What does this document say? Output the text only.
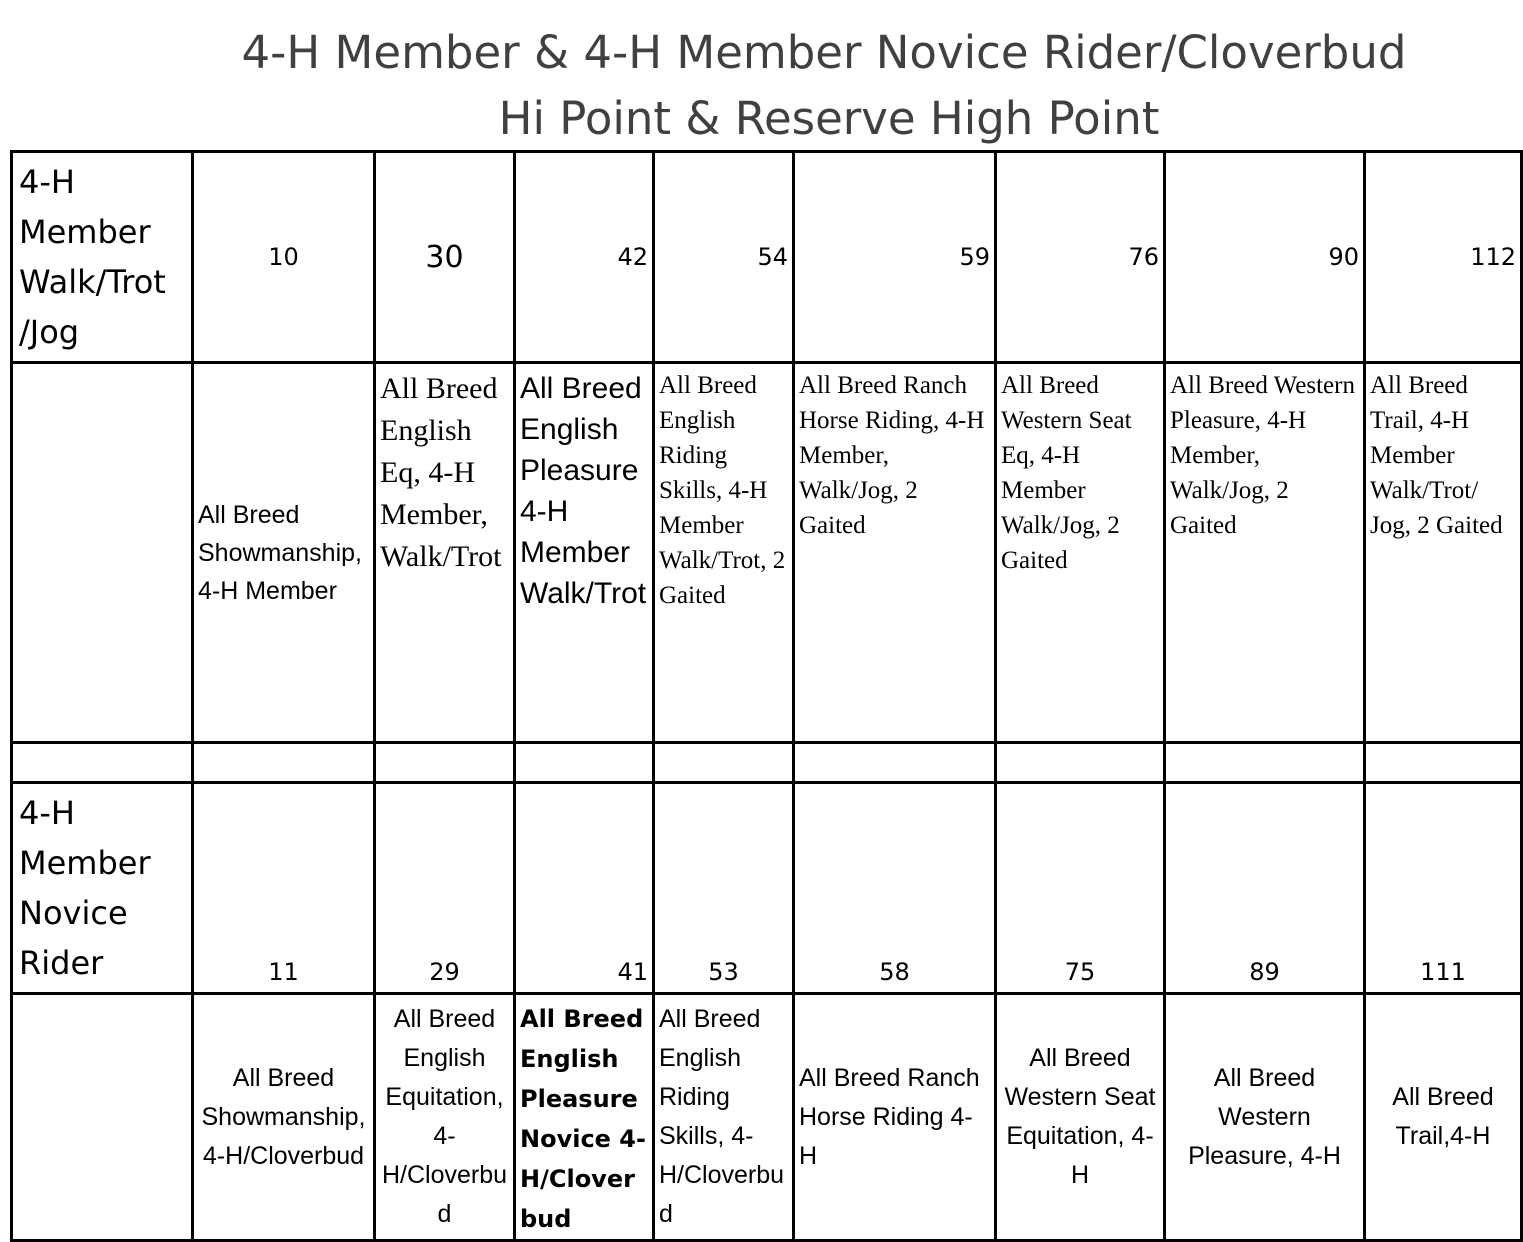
4-H Member & 4-H Member Novice Rider/Cloverbud
Hi Point & Reserve High Point
4-H Member Walk/Trot /Jog	10	30	42	54	59	76	90	112
	All Breed Showmanship, 4-H Member	All Breed English Eq, 4-H Member, Walk/Trot	All Breed English Pleasure 4-H Member Walk/Trot	All Breed English Riding Skills, 4-H Member Walk/Trot, 2 Gaited	All Breed Ranch Horse Riding, 4-H Member, Walk/Jog, 2 Gaited	All Breed Western Seat Eq, 4-H Member Walk/Jog, 2 Gaited	All Breed Western Pleasure, 4-H Member, Walk/Jog, 2 Gaited	All Breed Trail, 4-H Member Walk/Trot/ Jog, 2 Gaited

4-H Member Novice Rider	11	29	41	53	58	75	89	111
	All Breed Showmanship, 4-H/Cloverbud	All Breed English Equitation, 4-H/Cloverbud	All Breed English Pleasure Novice 4-H/Cloverbud	All Breed English Riding Skills, 4-H/Cloverbud	All Breed Ranch Horse Riding 4-H	All Breed Western Seat Equitation, 4-H	All Breed Western Pleasure, 4-H	All Breed Trail,4-H
